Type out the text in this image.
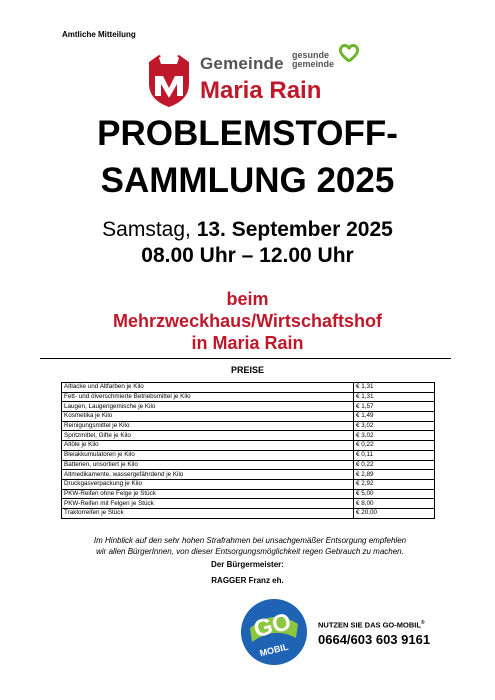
Amtliche Mitteilung
Gemeinde gesunde
gemeinde
Maria Rain
PROBLEMSTOFF-
SAMMLUNG 2025
Samstag, 13. September 2025
08.00 Uhr – 12.00 Uhr
beim
Mehrzweckhaus/Wirtschaftshof
in Maria Rain
PREISE
Altlacke und Altfarben je Kilo	€ 1,31
Fett- und ölverschmierte Betriebsmittel je Kilo	€ 1,31
Laugen, Laugengemische je Kilo	€ 1,57
Kosmetika je Kilo	€ 1,49
Reinigungsmittel je Kilo	€ 3,02
Spritzmittel, Gifte je Kilo	€ 3,02
Altöle je Kilo	€ 0,22
Bleiakkumulatoren je Kilo	€ 0,11
Batterien, unsortiert je Kilo	€ 0,22
Altmedikamente, wassergefährdend je Kilo	€ 2,89
Druckgasverpackung je Kilo	€ 2,92
PKW-Reifen ohne Felge je Stück	€ 5,00
PKW-Reifen mit Felgen je Stück	€ 8,00
Traktorreifen je Stück	€ 20,00
Im Hinblick auf den sehr hohen Strafrahmen bei unsachgemäßer Entsorgung empfehlen
wir allen BürgerInnen, von dieser Entsorgungsmöglichkeit regen Gebrauch zu machen.
Der Bürgermeister:
RAGGER Franz eh.
GO
MOBIL
NUTZEN SIE DAS GO-MOBIL®
0664/603 603 9161
